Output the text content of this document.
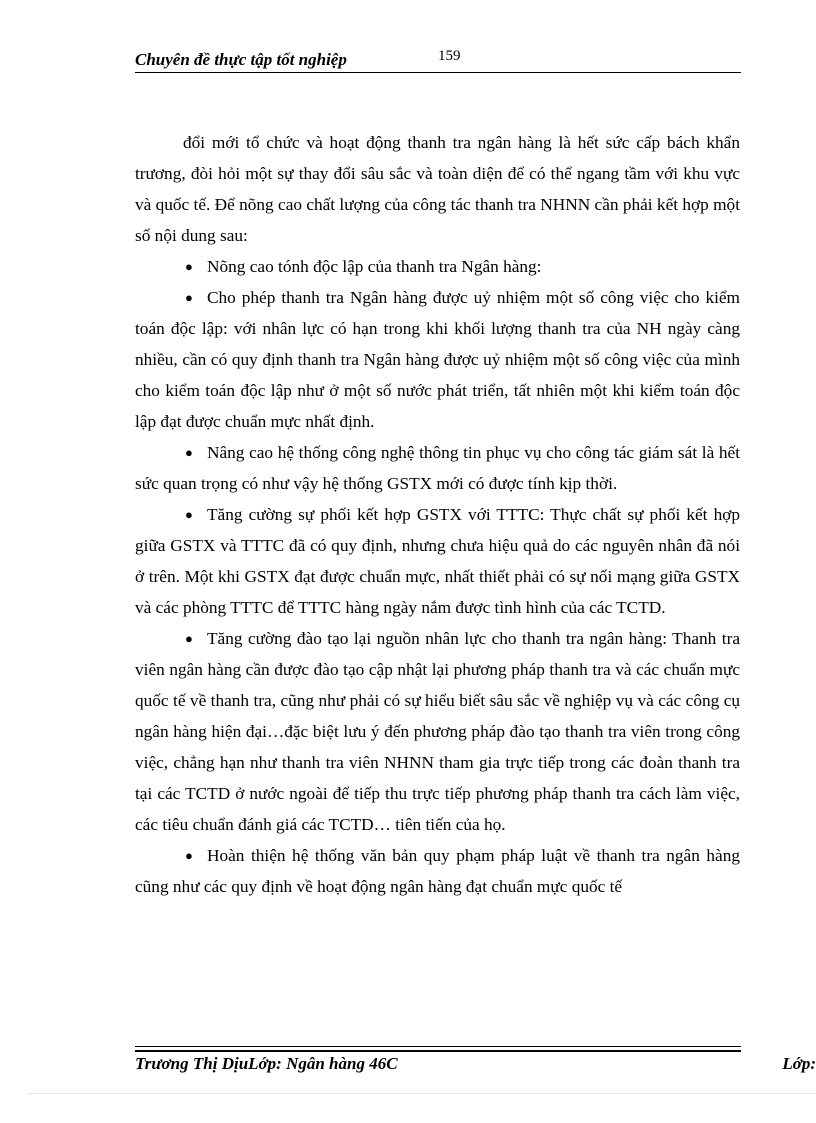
Chuyên đề thực tập tốt nghiệp	159

đổi mới tổ chức và hoạt động thanh tra ngân hàng là hết sức cấp bách khẩn trương, đòi hỏi một sự thay đổi sâu sắc và toàn diện để có thể ngang tầm với khu vực và quốc tế. Để nõng cao chất lượng của công tác thanh tra NHNN cần phải kết hợp một số nội dung sau:

● Nõng cao tónh độc lập của thanh tra Ngân hàng:

● Cho phép thanh tra Ngân hàng được uỷ nhiệm một số công việc cho kiểm toán độc lập: với nhân lực có hạn trong khi khối lượng thanh tra của NH ngày càng nhiều, cần có quy định thanh tra Ngân hàng được uỷ nhiệm một số công việc của mình cho kiểm toán độc lập như ở một số nước phát triển, tất nhiên một khi kiểm toán độc lập đạt được chuẩn mực nhất định.

● Nâng cao hệ thống công nghệ thông tin phục vụ cho công tác giám sát là hết sức quan trọng có như vậy hệ thống GSTX mới có được tính kịp thời.

● Tăng cường sự phối kết hợp GSTX với TTTC: Thực chất sự phối kết hợp giữa GSTX và TTTC đã có quy định, nhưng chưa hiệu quả do các nguyên nhân đã nói ở trên. Một khi GSTX đạt được chuẩn mực, nhất thiết phải có sự nối mạng giữa GSTX và các phòng TTTC để TTTC hàng ngày nắm được tình hình của các TCTD.

● Tăng cường đào tạo lại nguồn nhân lực cho thanh tra ngân hàng: Thanh tra viên ngân hàng cần được đào tạo cập nhật lại phương pháp thanh tra và các chuẩn mực quốc tế về thanh tra, cũng như phải có sự hiểu biết sâu sắc về nghiệp vụ và các công cụ ngân hàng hiện đại…đặc biệt lưu ý đến phương pháp đào tạo thanh tra viên trong công việc, chẳng hạn như thanh tra viên NHNN tham gia trực tiếp trong các đoàn thanh tra tại các TCTD ở nước ngoài để tiếp thu trực tiếp phương pháp thanh tra cách làm việc, các tiêu chuẩn đánh giá các TCTD… tiên tiến của họ.

● Hoàn thiện hệ thống văn bản quy phạm pháp luật về thanh tra ngân hàng cũng như các quy định về hoạt động ngân hàng đạt chuẩn mực quốc tế

Trương Thị DịuLớp: Ngân hàng 46C	Lớp:
